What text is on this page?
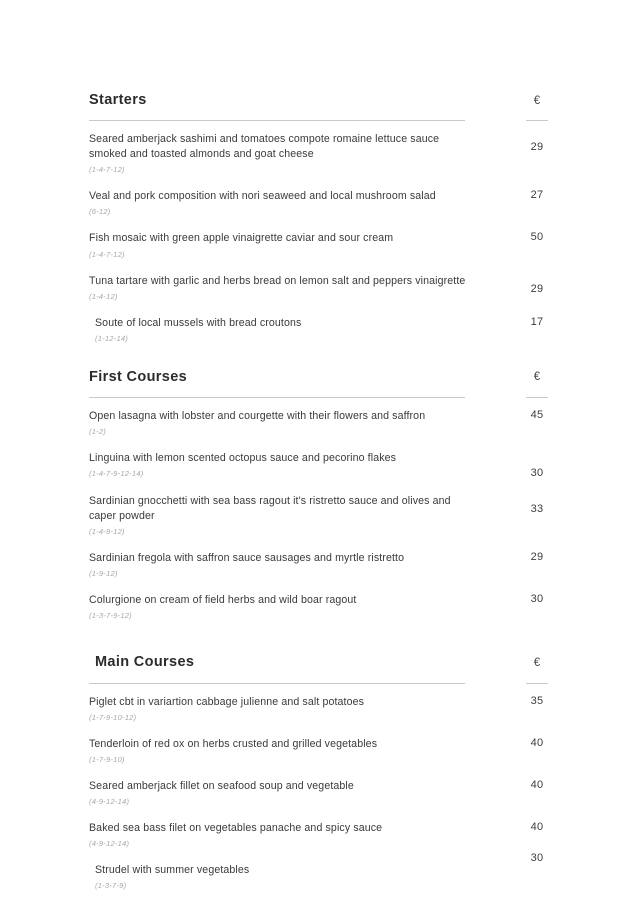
Starters	€
Seared amberjack sashimi and tomatoes compote romaine lettuce sauce smoked and toasted almonds and goat cheese
(1-4-7-12)
29
Veal and pork composition with nori seaweed and local mushroom salad
(6-12)
27
Fish mosaic with green apple vinaigrette caviar and sour cream
(1-4-7-12)
50
Tuna tartare with garlic and herbs bread on lemon salt and peppers vinaigrette
(1-4-12)
29
Soute of local mussels with bread croutons
(1-12-14)
17
First Courses	€
Open lasagna with lobster and courgette with their flowers and saffron
(1-2)
45
Linguina with lemon scented octopus sauce and pecorino flakes
(1-4-7-9-12-14)	30
Sardinian gnocchetti with sea bass ragout it's ristretto sauce and olives and caper powder
(1-4-9-12)
33
Sardinian fregola with saffron sauce sausages and myrtle ristretto
(1-9-12)
29
Colurgione on cream of field herbs and wild boar ragout
(1-3-7-9-12)
30
Main Courses	€
Piglet cbt in variartion cabbage julienne and salt potatoes
(1-7-9-10-12)
35
Tenderloin of red ox on herbs crusted and grilled vegetables
(1-7-9-10)
40
Seared amberjack fillet on seafood soup and vegetable
(4-9-12-14)
40
Baked sea bass filet on vegetables panache and spicy sauce
(4-9-12-14)
40
Strudel with summer vegetables
(1-3-7-9)
30
